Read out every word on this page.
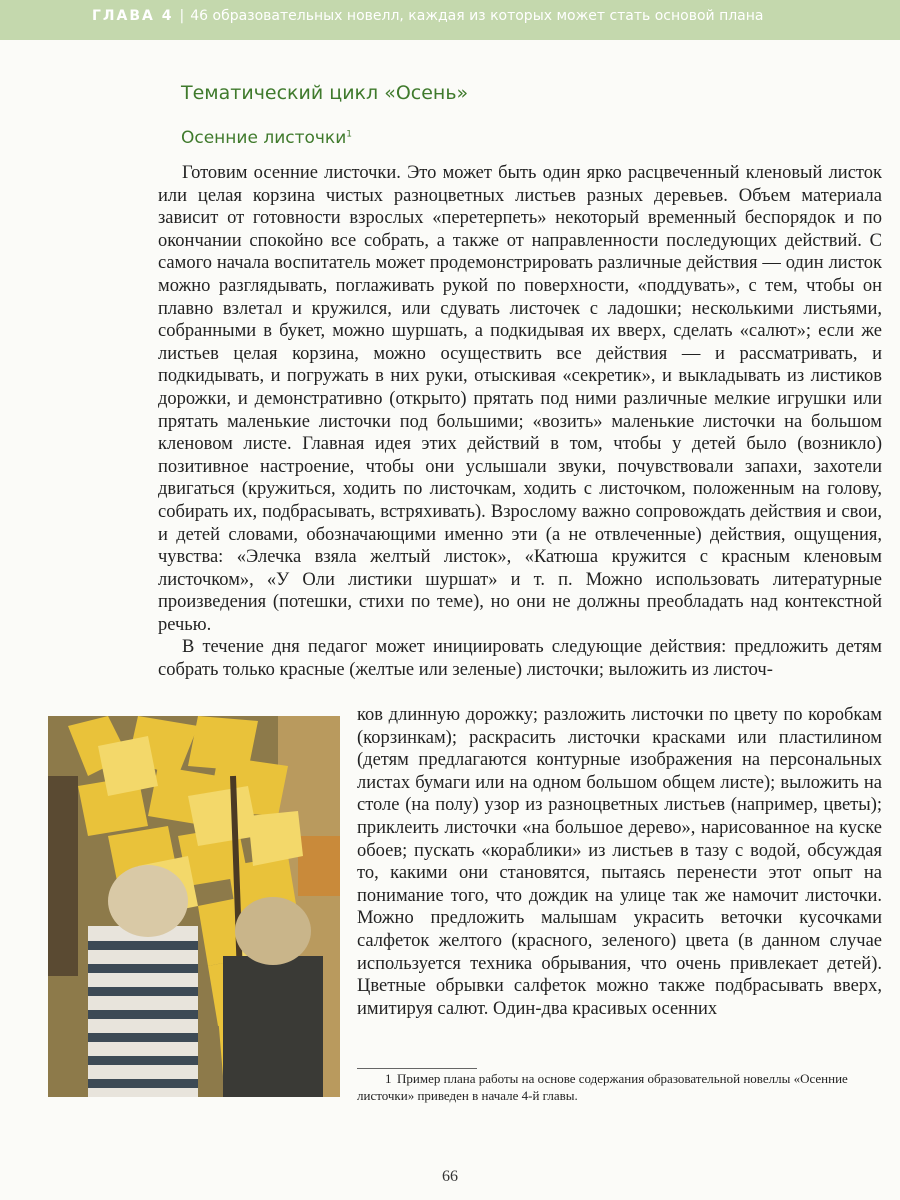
ГЛАВА 4 | 46 образовательных новелл, каждая из которых может стать основой плана
Тематический цикл «Осень»
Осенние листочки$^1$

Готовим осенние листочки. Это может быть один ярко расцвеченный кленовый листок или целая корзина чистых разноцветных листьев разных деревьев. Объем материала зависит от готовности взрослых «перетерпеть» некоторый временный беспорядок и по окончании спокойно все собрать, а также от направленности последующих действий. С самого начала воспитатель может продемонстрировать различные действия — один листок можно разглядывать, поглаживать рукой по поверхности, «поддувать», с тем, чтобы он плавно взлетал и кружился, или сдувать листочек с ладошки; несколькими листьями, собранными в букет, можно шуршать, а подкидывая их вверх, сделать «салют»; если же листьев целая корзина, можно осуществить все действия — и рассматривать, и подкидывать, и погружать в них руки, отыскивая «секретик», и выкладывать из листиков дорожки, и демонстративно (открыто) прятать под ними различные мелкие игрушки или прятать маленькие листочки под большими; «возить» маленькие листочки на большом кленовом листе. Главная идея этих действий в том, чтобы у детей было (возникло) позитивное настроение, чтобы они услышали звуки, почувствовали запахи, захотели двигаться (кружиться, ходить по листочкам, ходить с листочком, положенным на голову, собирать их, подбрасывать, встряхивать). Взрослому важно сопровождать действия и свои, и детей словами, обозначающими именно эти (а не отвлеченные) действия, ощущения, чувства: «Элечка взяла желтый листок», «Катюша кружится с красным кленовым листочком», «У Оли листики шуршат» и т. п. Можно использовать литературные произведения (потешки, стихи по теме), но они не должны преобладать над контекстной речью.

В течение дня педагог может инициировать следующие действия: предложить детям собрать только красные (желтые или зеленые) листочки; выложить из листоч-

ков длинную дорожку; разложить листочки по цвету по коробкам (корзинкам); раскрасить листочки красками или пластилином (детям предлагаются контурные изображения на персональных листах бумаги или на одном большом общем листе); выложить на столе (на полу) узор из разноцветных листьев (например, цветы); приклеить листочки «на большое дерево», нарисованное на куске обоев; пускать «кораблики» из листьев в тазу с водой, обсуждая то, какими они становятся, пытаясь перенести этот опыт на понимание того, что дождик на улице так же намочит листочки. Можно предложить малышам украсить веточки кусочками салфеток желтого (красного, зеленого) цвета (в данном случае используется техника обрывания, что очень привлекает детей). Цветные обрывки салфеток можно также подбрасывать вверх, имитируя салют. Один-два красивых осенних

1 Пример плана работы на основе содержания образовательной новеллы «Осенние листочки» приведен в начале 4-й главы.
66
